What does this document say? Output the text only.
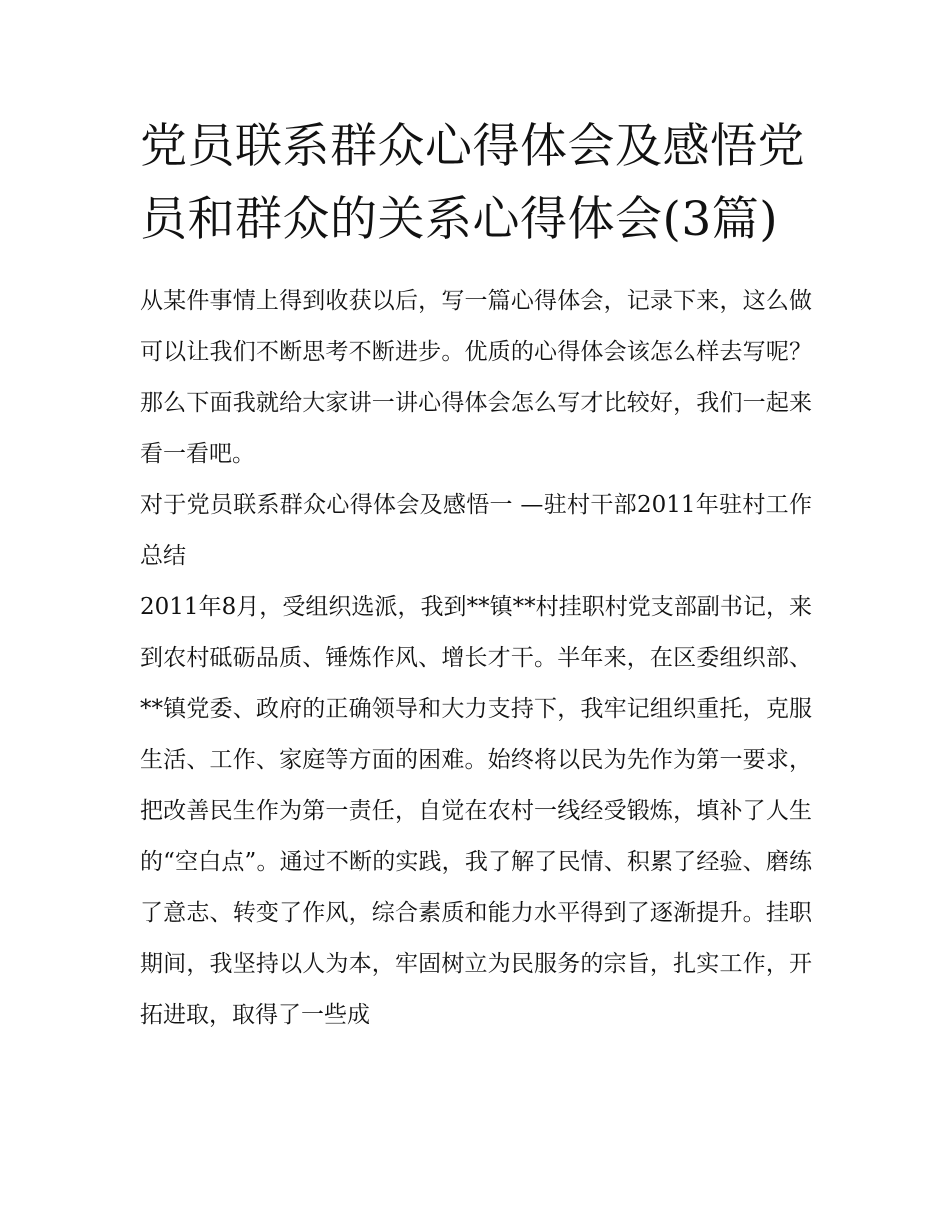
党员联系群众心得体会及感悟党员和群众的关系心得体会(3篇)

从某件事情上得到收获以后，写一篇心得体会，记录下来，这么做可以让我们不断思考不断进步。优质的心得体会该怎么样去写呢？那么下面我就给大家讲一讲心得体会怎么写才比较好，我们一起来看一看吧。

对于党员联系群众心得体会及感悟一 —驻村干部2011年驻村工作总结

2011年8月，受组织选派，我到**镇**村挂职村党支部副书记，来到农村砥砺品质、锤炼作风、增长才干。半年来，在区委组织部、**镇党委、政府的正确领导和大力支持下，我牢记组织重托，克服生活、工作、家庭等方面的困难。始终将以民为先作为第一要求，把改善民生作为第一责任，自觉在农村一线经受锻炼，填补了人生的“空白点”。通过不断的实践，我了解了民情、积累了经验、磨练了意志、转变了作风，综合素质和能力水平得到了逐渐提升。挂职期间，我坚持以人为本，牢固树立为民服务的宗旨，扎实工作，开拓进取，取得了一些成
